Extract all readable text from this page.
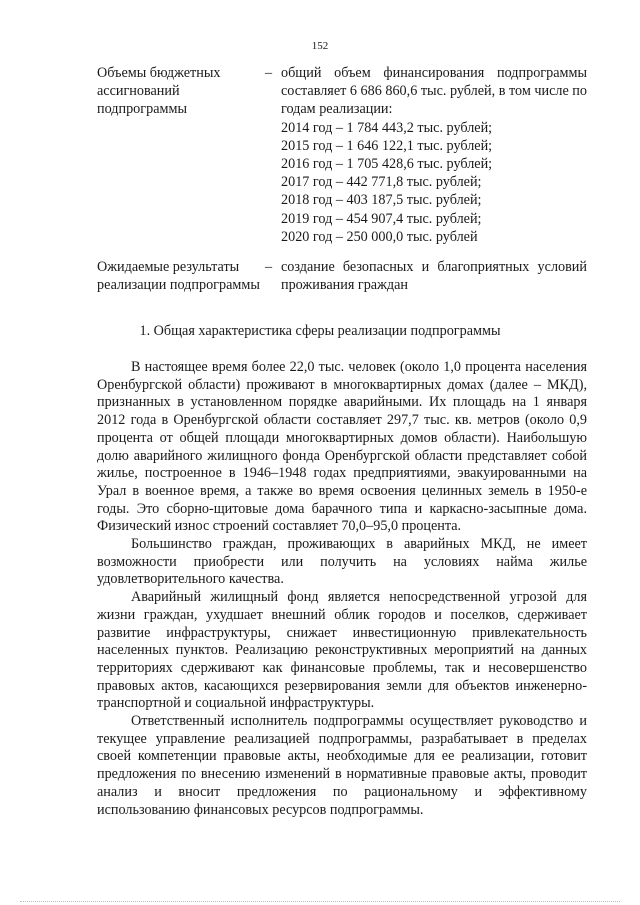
152
Объемы бюджетных ассигнований подпрограммы
– общий объем финансирования подпрограммы составляет 6 686 860,6 тыс. рублей, в том числе по годам реализации:
2014 год – 1 784 443,2 тыс. рублей;
2015 год – 1 646 122,1 тыс. рублей;
2016 год – 1 705 428,6 тыс. рублей;
2017 год – 442 771,8 тыс. рублей;
2018 год – 403 187,5 тыс. рублей;
2019 год – 454 907,4 тыс. рублей;
2020 год – 250 000,0 тыс. рублей
Ожидаемые результаты реализации подпрограммы
– создание безопасных и благоприятных условий проживания граждан
1. Общая характеристика сферы реализации подпрограммы

В настоящее время более 22,0 тыс. человек (около 1,0 процента населения Оренбургской области) проживают в многоквартирных домах (далее – МКД), признанных в установленном порядке аварийными. Их площадь на 1 января 2012 года в Оренбургской области составляет 297,7 тыс. кв. метров (около 0,9 процента от общей площади многоквартирных домов области). Наибольшую долю аварийного жилищного фонда Оренбургской области представляет собой жилье, построенное в 1946–1948 годах предприятиями, эвакуированными на Урал в военное время, а также во время освоения целинных земель в 1950-е годы. Это сборно-щитовые дома барачного типа и каркасно-засыпные дома. Физический износ строений составляет 70,0–95,0 процента.

Большинство граждан, проживающих в аварийных МКД, не имеет возможности приобрести или получить на условиях найма жилье удовлетворительного качества.

Аварийный жилищный фонд является непосредственной угрозой для жизни граждан, ухудшает внешний облик городов и поселков, сдерживает развитие инфраструктуры, снижает инвестиционную привлекательность населенных пунктов. Реализацию реконструктивных мероприятий на данных территориях сдерживают как финансовые проблемы, так и несовершенство правовых актов, касающихся резервирования земли для объектов инженерно-транспортной и социальной инфраструктуры.

Ответственный исполнитель подпрограммы осуществляет руководство и текущее управление реализацией подпрограммы, разрабатывает в пределах своей компетенции правовые акты, необходимые для ее реализации, готовит предложения по внесению изменений в нормативные правовые акты, проводит анализ и вносит предложения по рациональному и эффективному использованию финансовых ресурсов подпрограммы.
